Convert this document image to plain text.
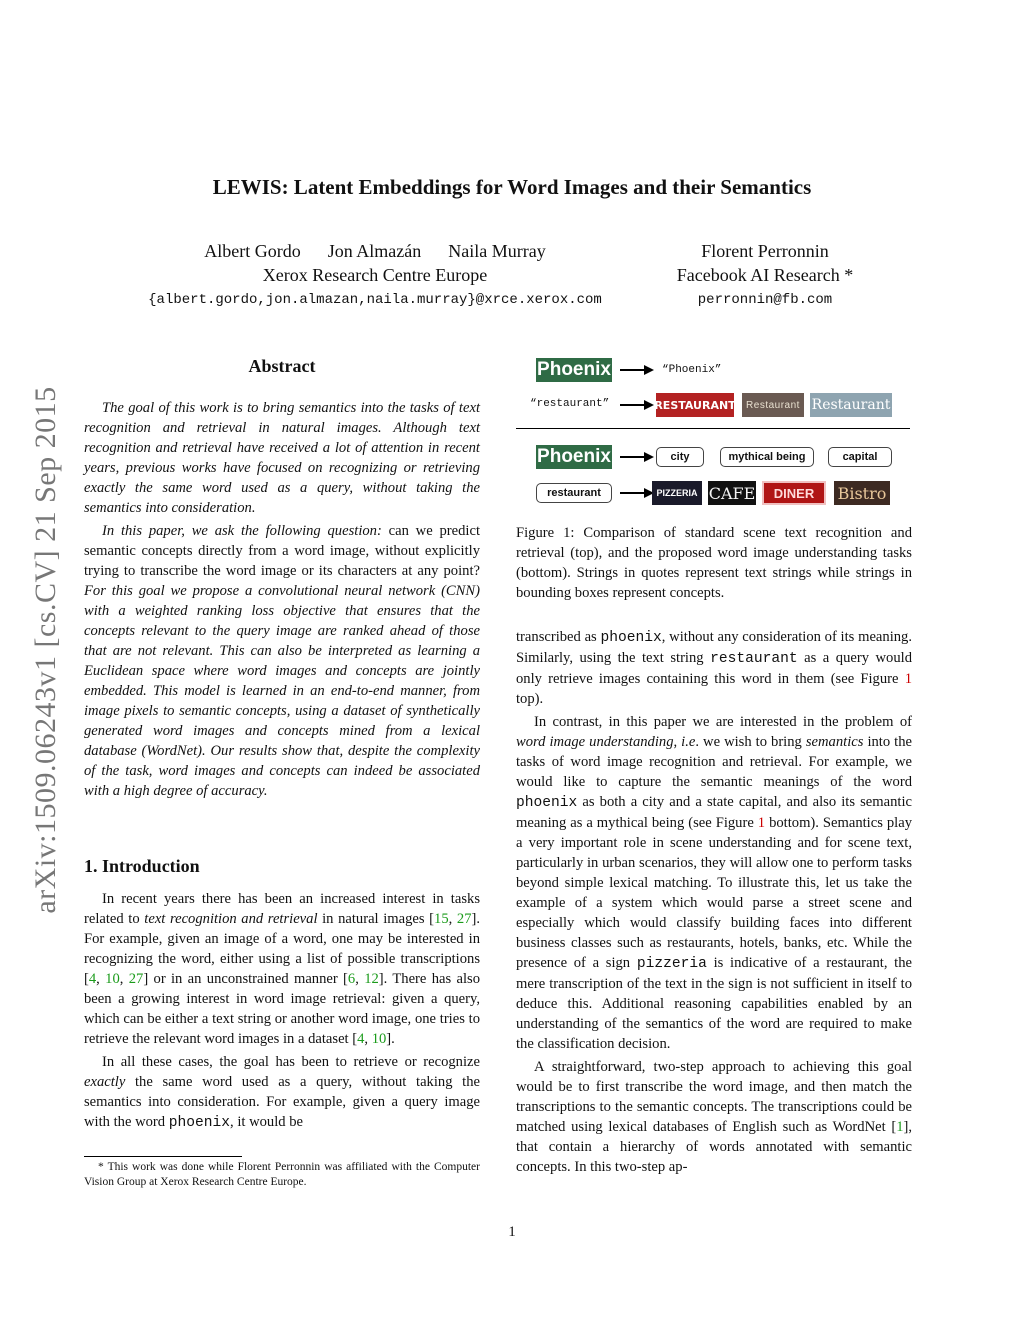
LEWIS: Latent Embeddings for Word Images and their Semantics
Albert Gordo      Jon Almazán      Naila Murray
Xerox Research Centre Europe
{albert.gordo,jon.almazan,naila.murray}@xrce.xerox.com
Florent Perronnin
Facebook AI Research *
perronnin@fb.com
arXiv:1509.06243v1 [cs.CV] 21 Sep 2015
Abstract

The goal of this work is to bring semantics into the tasks of text recognition and retrieval in natural images. Although text recognition and retrieval have received a lot of attention in recent years, previous works have focused on recognizing or retrieving exactly the same word used as a query, without taking the semantics into consideration.

In this paper, we ask the following question: can we predict semantic concepts directly from a word image, without explicitly trying to transcribe the word image or its characters at any point? For this goal we propose a convolutional neural network (CNN) with a weighted ranking loss objective that ensures that the concepts relevant to the query image are ranked ahead of those that are not relevant. This can also be interpreted as learning a Euclidean space where word images and concepts are jointly embedded. This model is learned in an end-to-end manner, from image pixels to semantic concepts, using a dataset of synthetically generated word images and concepts mined from a lexical database (WordNet). Our results show that, despite the complexity of the task, word images and concepts can indeed be associated with a high degree of accuracy.

1. Introduction

In recent years there has been an increased interest in tasks related to text recognition and retrieval in natural images [15, 27]. For example, given an image of a word, one may be interested in recognizing the word, either using a list of possible transcriptions [4, 10, 27] or in an unconstrained manner [6, 12]. There has also been a growing interest in word image retrieval: given a query, which can be either a text string or another word image, one tries to retrieve the relevant word images in a dataset [4, 10].

In all these cases, the goal has been to retrieve or recognize exactly the same word used as a query, without taking the semantics into consideration. For example, given a query image with the word phoenix, it would be

* This work was done while Florent Perronnin was affiliated with the Computer Vision Group at Xerox Research Centre Europe.
Phoenix	“Phoenix”
“restaurant”	RESTAURANT	Restaurant Restaurant
Phoenix	city	mythical being	capital
restaurant	PIZZERIA CAFE	DINER	Bistro
Figure 1: Comparison of standard scene text recognition and retrieval (top), and the proposed word image understanding tasks (bottom). Strings in quotes represent text strings while strings in bounding boxes represent concepts.

transcribed as phoenix, without any consideration of its meaning. Similarly, using the text string restaurant as a query would only retrieve images containing this word in them (see Figure 1 top).

In contrast, in this paper we are interested in the problem of word image understanding, i.e. we wish to bring semantics into the tasks of word image recognition and retrieval. For example, we would like to capture the semantic meanings of the word phoenix as both a city and a state capital, and also its semantic meaning as a mythical being (see Figure 1 bottom). Semantics play a very important role in scene understanding and for scene text, particularly in urban scenarios, they will allow one to perform tasks beyond simple lexical matching. To illustrate this, let us take the example of a system which would parse a street scene and especially which would classify building faces into different business classes such as restaurants, hotels, banks, etc. While the presence of a sign pizzeria is indicative of a restaurant, the mere transcription of the text in the sign is not sufficient in itself to deduce this. Additional reasoning capabilities enabled by an understanding of the semantics of the word are required to make the classification decision.

A straightforward, two-step approach to achieving this goal would be to first transcribe the word image, and then match the transcriptions to the semantic concepts. The transcriptions could be matched using lexical databases of English such as WordNet [1], that contain a hierarchy of words annotated with semantic concepts. In this two-step ap-

1
